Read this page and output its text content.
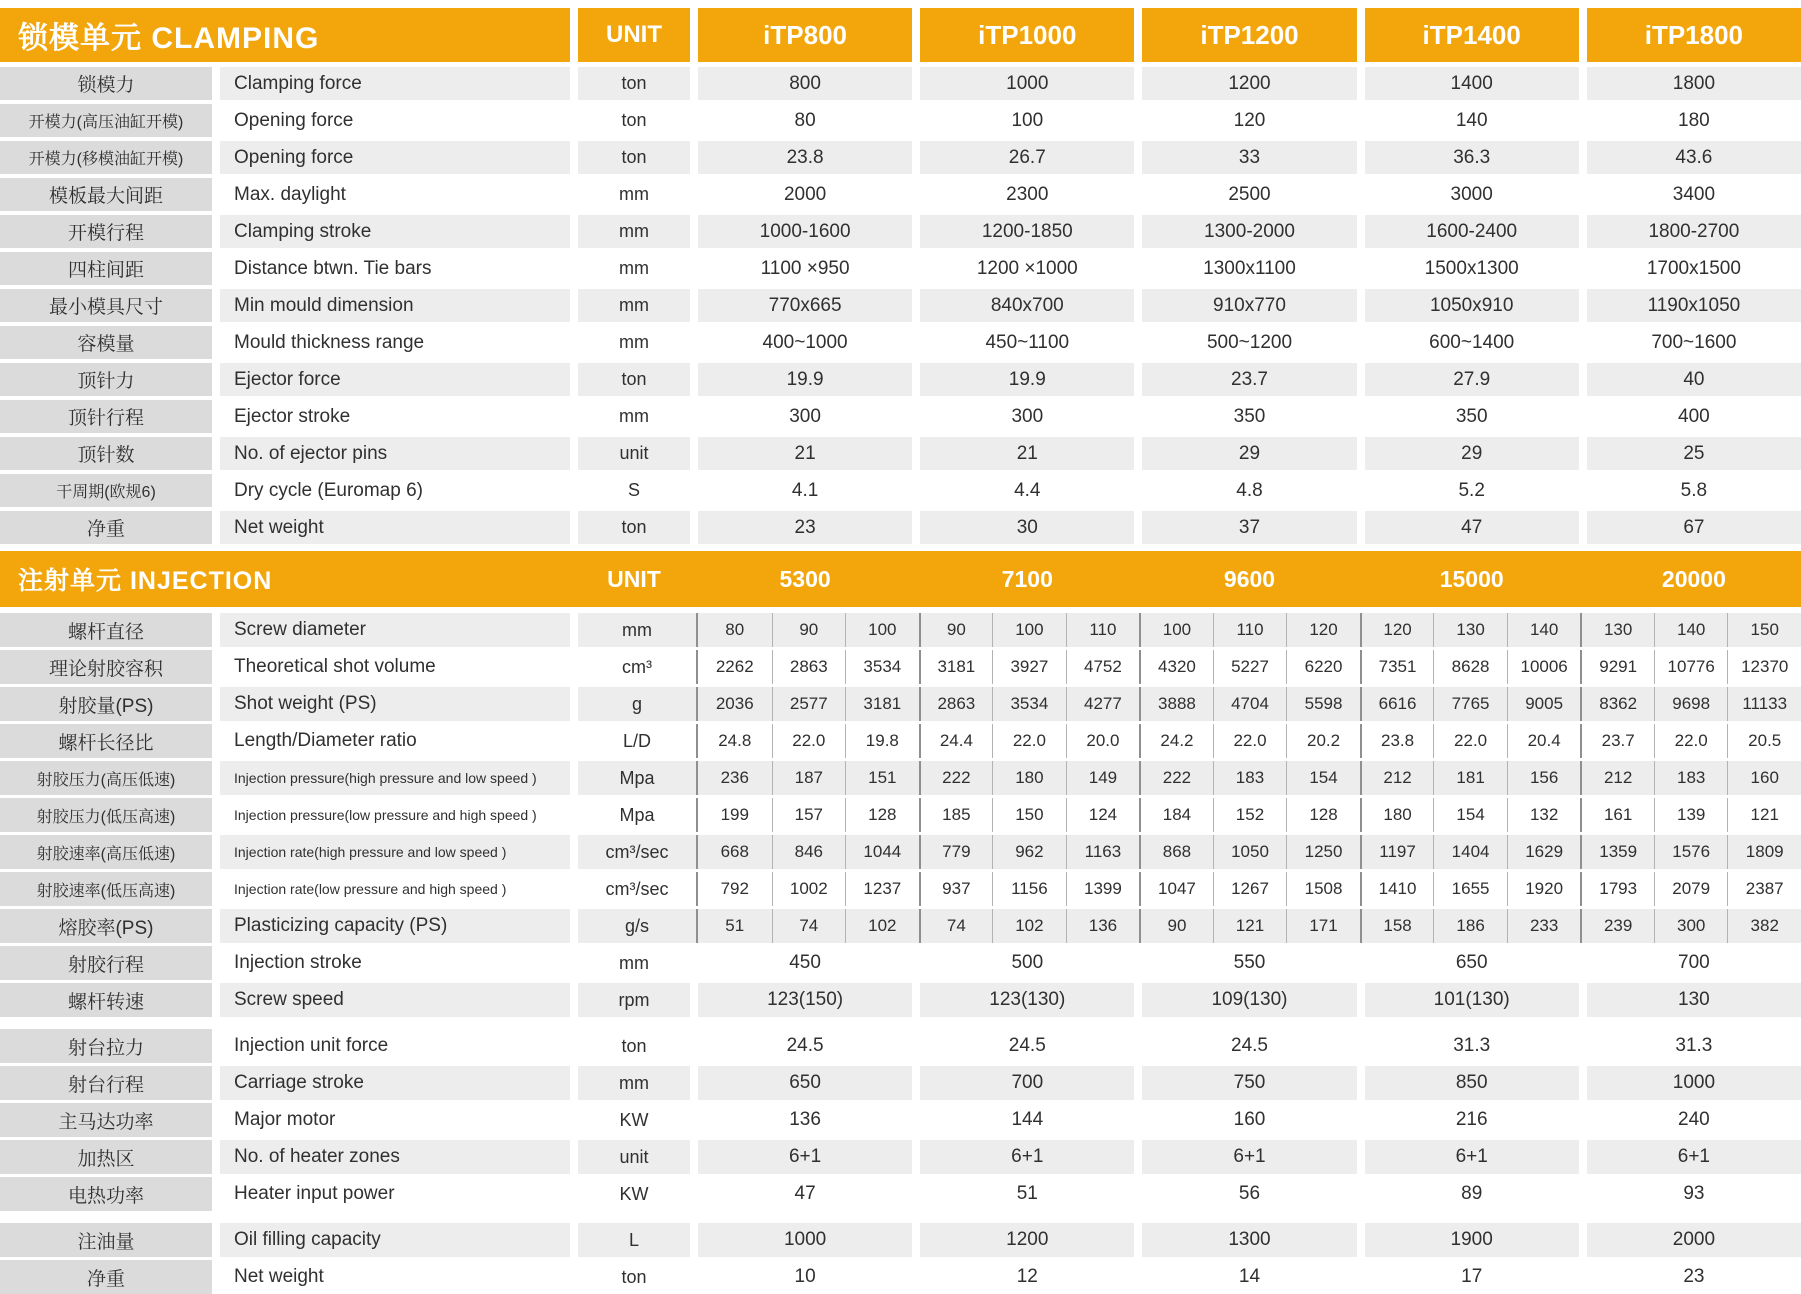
锁模单元 CLAMPING	UNIT	iTP800	iTP1000	iTP1200	iTP1400	iTP1800
锁模力	Clamping force	ton	800	1000	1200	1400	1800
开模力(高压油缸开模)	Opening force	ton	80	100	120	140	180
开模力(移模油缸开模)	Opening force	ton	23.8	26.7	33	36.3	43.6
模板最大间距	Max. daylight	mm	2000	2300	2500	3000	3400
开模行程	Clamping stroke	mm	1000-1600	1200-1850	1300-2000	1600-2400	1800-2700
四柱间距	Distance btwn. Tie bars	mm	1100 ×950	1200 ×1000	1300x1100	1500x1300	1700x1500
最小模具尺寸	Min mould dimension	mm	770x665	840x700	910x770	1050x910	1190x1050
容模量	Mould thickness range	mm	400~1000	450~1100	500~1200	600~1400	700~1600
顶针力	Ejector force	ton	19.9	19.9	23.7	27.9	40
顶针行程	Ejector stroke	mm	300	300	350	350	400
顶针数	No. of ejector pins	unit	21	21	29	29	25
干周期(欧规6)	Dry cycle (Euromap 6)	S	4.1	4.4	4.8	5.2	5.8
净重	Net weight	ton	23	30	37	47	67
注射单元 INJECTION	UNIT	5300	7100	9600	15000	20000
螺杆直径	Screw diameter	mm	80	90	100	90	100	110	100	110	120	120	130	140	130	140	150
理论射胶容积	Theoretical shot volume	cm³	2262	2863	3534	3181	3927	4752	4320	5227	6220	7351	8628	10006	9291	10776	12370
射胶量(PS)	Shot weight (PS)	g	2036	2577	3181	2863	3534	4277	3888	4704	5598	6616	7765	9005	8362	9698	11133
螺杆长径比	Length/Diameter ratio	L/D	24.8	22.0	19.8	24.4	22.0	20.0	24.2	22.0	20.2	23.8	22.0	20.4	23.7	22.0	20.5
射胶压力(高压低速)	Injection pressure(high pressure and low speed )	Mpa	236	187	151	222	180	149	222	183	154	212	181	156	212	183	160
射胶压力(低压高速)	Injection pressure(low pressure and high speed )	Mpa	199	157	128	185	150	124	184	152	128	180	154	132	161	139	121
射胶速率(高压低速)	Injection rate(high pressure and low speed )	cm³/sec	668	846	1044	779	962	1163	868	1050	1250	1197	1404	1629	1359	1576	1809
射胶速率(低压高速)	Injection rate(low pressure and high speed )	cm³/sec	792	1002	1237	937	1156	1399	1047	1267	1508	1410	1655	1920	1793	2079	2387
熔胶率(PS)	Plasticizing capacity (PS)	g/s	51	74	102	74	102	136	90	121	171	158	186	233	239	300	382
射胶行程	Injection stroke	mm	450	500	550	650	700
螺杆转速	Screw speed	rpm	123(150)	123(130)	109(130)	101(130)	130
射台拉力	Injection unit force	ton	24.5	24.5	24.5	31.3	31.3
射台行程	Carriage stroke	mm	650	700	750	850	1000
主马达功率	Major motor	KW	136	144	160	216	240
加热区	No. of heater zones	unit	6+1	6+1	6+1	6+1	6+1
电热功率	Heater input power	KW	47	51	56	89	93
注油量	Oil filling capacity	L	1000	1200	1300	1900	2000
净重	Net weight	ton	10	12	14	17	23
